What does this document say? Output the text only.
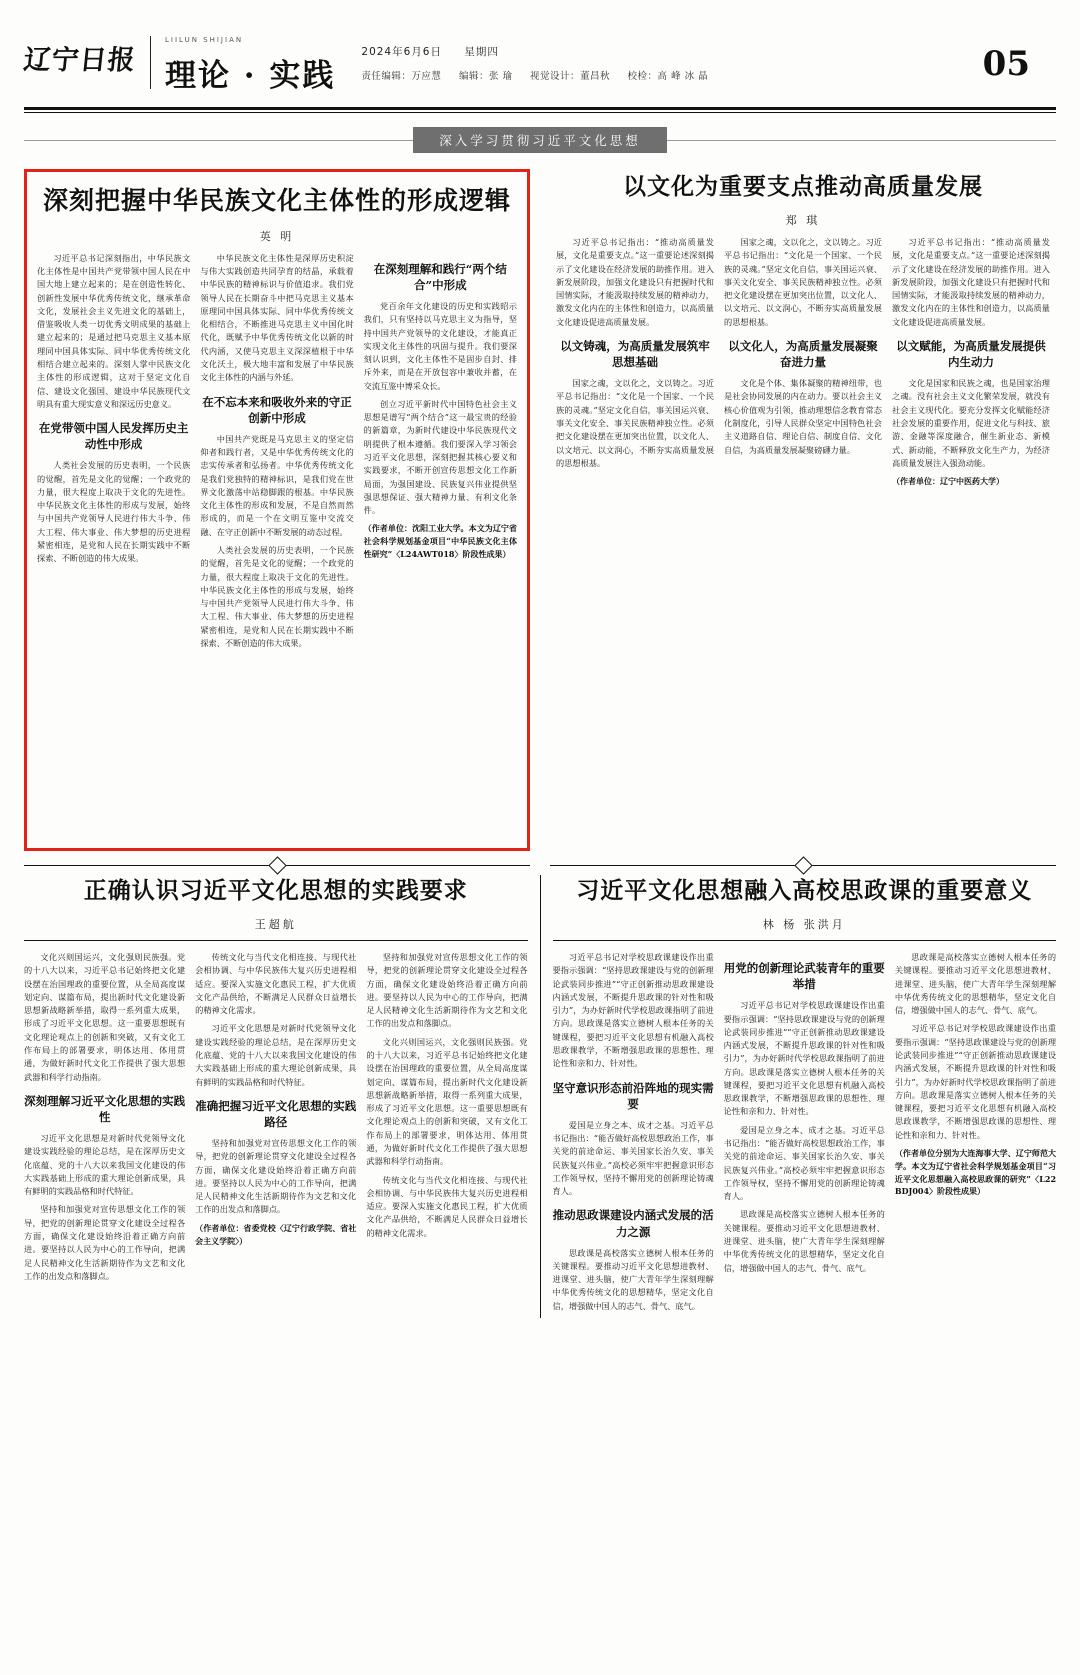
辽宁日报
LIILUN SHIJIAN
理论 · 实践
2024年6月6日 星期四
责任编辑：万应慧 编辑：张 瑜 视觉设计：董昌秋 校检：高 峰 冰 晶	05
深入学习贯彻习近平文化思想
深刻把握中华民族文化主体性的形成逻辑
英 明

习近平总书记深刻指出，中华民族文化主体性是中国共产党带领中国人民在中国大地上建立起来的；是在创造性转化、创新性发展中华优秀传统文化，继承革命文化，发展社会主义先进文化的基础上，借鉴吸收人类一切优秀文明成果的基础上建立起来的；是通过把马克思主义基本原理同中国具体实际、同中华优秀传统文化相结合建立起来的。深刻人掌中民族文化主体性的形成逻辑，这对于坚定文化自信、建设文化强国、建设中华民族现代文明具有重大现实意义和深远历史意义。

在党带领中国人民发挥历史主动性中形成

人类社会发展的历史表明，一个民族的觉醒，首先是文化的觉醒；一个政党的力量，很大程度上取决于文化的先进性。中华民族文化主体性的形成与发展，始终与中国共产党领导人民进行伟大斗争、伟大工程、伟大事业、伟大梦想的历史进程紧密相连，是党和人民在长期实践中不断探索、不断创造的伟大成果。

中华民族文化主体性是深厚历史积淀与伟大实践创造共同孕育的结晶，承载着中华民族的精神标识与价值追求。我们党领导人民在长期奋斗中把马克思主义基本原理同中国具体实际、同中华优秀传统文化相结合，不断推进马克思主义中国化时代化，既赋予中华优秀传统文化以新的时代内涵，又使马克思主义深深植根于中华文化沃土，极大地丰富和发展了中华民族文化主体性的内涵与外延。

在不忘本来和吸收外来的守正创新中形成

中国共产党既是马克思主义的坚定信仰者和践行者，又是中华优秀传统文化的忠实传承者和弘扬者。中华优秀传统文化是我们党独特的精神标识，是我们党在世界文化激荡中站稳脚跟的根基。中华民族文化主体性的形成和发展，不是自然而然形成的，而是一个在文明互鉴中交流交融、在守正创新中不断发展的动态过程。

人类社会发展的历史表明，一个民族的觉醒，首先是文化的觉醒；一个政党的力量，很大程度上取决于文化的先进性。中华民族文化主体性的形成与发展，始终与中国共产党领导人民进行伟大斗争、伟大工程、伟大事业、伟大梦想的历史进程紧密相连，是党和人民在长期实践中不断探索、不断创造的伟大成果。

在深刻理解和践行“两个结合”中形成

党百余年文化建设的历史和实践昭示我们，只有坚持以马克思主义为指导，坚持中国共产党领导的文化建设，才能真正实现文化主体性的巩固与提升。我们要深刻认识到，文化主体性不是固步自封、排斥外来，而是在开放包容中兼收并蓄，在交流互鉴中博采众长。

创立习近平新时代中国特色社会主义思想是谱写“两个结合”这一最宝贵的经验的新篇章，为新时代建设中华民族现代文明提供了根本遵循。我们要深入学习领会习近平文化思想，深刻把握其核心要义和实践要求，不断开创宣传思想文化工作新局面，为强国建设、民族复兴伟业提供坚强思想保证、强大精神力量、有利文化条件。

（作者单位：沈阳工业大学。本文为辽宁省社会科学规划基金项目“中华民族文化主体性研究”〈L24AWT018〉阶段性成果）
以文化为重要支点推动高质量发展
郑 琪

习近平总书记指出：“推动高质量发展，文化是重要支点。”这一重要论述深刻揭示了文化建设在经济发展的助推作用。进入新发展阶段，加强文化建设只有把握时代和国情实际，才能汲取持续发展的精神动力，激发文化内在的主体性和创造力，以高质量文化建设促进高质量发展。

以文铸魂，为高质量发展筑牢思想基础

国家之魂，文以化之，文以铸之。习近平总书记指出：“文化是一个国家、一个民族的灵魂。”坚定文化自信，事关国运兴衰、事关文化安全、事关民族精神独立性。必须把文化建设摆在更加突出位置，以文化人、以文培元、以文润心，不断夯实高质量发展的思想根基。

国家之魂，文以化之，文以铸之。习近平总书记指出：“文化是一个国家、一个民族的灵魂。”坚定文化自信，事关国运兴衰、事关文化安全、事关民族精神独立性。必须把文化建设摆在更加突出位置，以文化人、以文培元、以文润心，不断夯实高质量发展的思想根基。

以文化人，为高质量发展凝聚奋进力量

文化是个体、集体凝聚的精神纽带，也是社会协同发展的内在动力。要以社会主义核心价值观为引领，推动理想信念教育常态化制度化，引导人民群众坚定中国特色社会主义道路自信、理论自信、制度自信、文化自信，为高质量发展凝聚磅礴力量。

习近平总书记指出：“推动高质量发展，文化是重要支点。”这一重要论述深刻揭示了文化建设在经济发展的助推作用。进入新发展阶段，加强文化建设只有把握时代和国情实际，才能汲取持续发展的精神动力，激发文化内在的主体性和创造力，以高质量文化建设促进高质量发展。

以文赋能，为高质量发展提供内生动力

文化是国家和民族之魂，也是国家治理之魂。没有社会主义文化繁荣发展，就没有社会主义现代化。要充分发挥文化赋能经济社会发展的重要作用，促进文化与科技、旅游、金融等深度融合，催生新业态、新模式、新动能，不断释放文化生产力，为经济高质量发展注入强劲动能。

（作者单位：辽宁中医药大学）
正确认识习近平文化思想的实践要求
王超航

文化兴则国运兴，文化强则民族强。党的十八大以来，习近平总书记始终把文化建设摆在治国理政的重要位置，从全局高度谋划定向、谋篇布局，提出新时代文化建设新思想新战略新举措，取得一系列重大成果，形成了习近平文化思想。这一重要思想既有文化理论观点上的创新和突破，又有文化工作布局上的部署要求，明体达用、体用贯通，为做好新时代文化工作提供了强大思想武器和科学行动指南。

深刻理解习近平文化思想的实践性

习近平文化思想是对新时代党领导文化建设实践经验的理论总结，是在深厚历史文化底蕴、党的十八大以来我国文化建设的伟大实践基础上形成的重大理论创新成果，具有鲜明的实践品格和时代特征。

坚持和加强党对宣传思想文化工作的领导，把党的创新理论贯穿文化建设全过程各方面，确保文化建设始终沿着正确方向前进。要坚持以人民为中心的工作导向，把满足人民精神文化生活新期待作为文艺和文化工作的出发点和落脚点。

传统文化与当代文化相连接、与现代社会相协调、与中华民族伟大复兴历史进程相适应。要深入实施文化惠民工程，扩大优质文化产品供给，不断满足人民群众日益增长的精神文化需求。

习近平文化思想是对新时代党领导文化建设实践经验的理论总结，是在深厚历史文化底蕴、党的十八大以来我国文化建设的伟大实践基础上形成的重大理论创新成果，具有鲜明的实践品格和时代特征。

准确把握习近平文化思想的实践路径

坚持和加强党对宣传思想文化工作的领导，把党的创新理论贯穿文化建设全过程各方面，确保文化建设始终沿着正确方向前进。要坚持以人民为中心的工作导向，把满足人民精神文化生活新期待作为文艺和文化工作的出发点和落脚点。

（作者单位：省委党校〈辽宁行政学院、省社会主义学院〉）

坚持和加强党对宣传思想文化工作的领导，把党的创新理论贯穿文化建设全过程各方面，确保文化建设始终沿着正确方向前进。要坚持以人民为中心的工作导向，把满足人民精神文化生活新期待作为文艺和文化工作的出发点和落脚点。

文化兴则国运兴，文化强则民族强。党的十八大以来，习近平总书记始终把文化建设摆在治国理政的重要位置，从全局高度谋划定向、谋篇布局，提出新时代文化建设新思想新战略新举措，取得一系列重大成果，形成了习近平文化思想。这一重要思想既有文化理论观点上的创新和突破，又有文化工作布局上的部署要求，明体达用、体用贯通，为做好新时代文化工作提供了强大思想武器和科学行动指南。

传统文化与当代文化相连接、与现代社会相协调、与中华民族伟大复兴历史进程相适应。要深入实施文化惠民工程，扩大优质文化产品供给，不断满足人民群众日益增长的精神文化需求。

习近平文化思想融入高校思政课的重要意义
林 杨 张洪月

习近平总书记对学校思政课建设作出重要指示强调：“坚持思政课建设与党的创新理论武装同步推进”“守正创新推动思政课建设内涵式发展，不断提升思政课的针对性和吸引力”，为办好新时代学校思政课指明了前进方向。思政课是落实立德树人根本任务的关键课程，要把习近平文化思想有机融入高校思政课教学，不断增强思政课的思想性、理论性和亲和力、针对性。

坚守意识形态前沿阵地的现实需要

爱国是立身之本、成才之基。习近平总书记指出：“能否做好高校思想政治工作，事关党的前途命运、事关国家长治久安、事关民族复兴伟业。”高校必须牢牢把握意识形态工作领导权，坚持不懈用党的创新理论铸魂育人。

推动思政课建设内涵式发展的活力之源

思政课是高校落实立德树人根本任务的关键课程。要推动习近平文化思想进教材、进课堂、进头脑，使广大青年学生深刻理解中华优秀传统文化的思想精华，坚定文化自信，增强做中国人的志气、骨气、底气。

用党的创新理论武装青年的重要举措

习近平总书记对学校思政课建设作出重要指示强调：“坚持思政课建设与党的创新理论武装同步推进”“守正创新推动思政课建设内涵式发展，不断提升思政课的针对性和吸引力”，为办好新时代学校思政课指明了前进方向。思政课是落实立德树人根本任务的关键课程，要把习近平文化思想有机融入高校思政课教学，不断增强思政课的思想性、理论性和亲和力、针对性。

爱国是立身之本、成才之基。习近平总书记指出：“能否做好高校思想政治工作，事关党的前途命运、事关国家长治久安、事关民族复兴伟业。”高校必须牢牢把握意识形态工作领导权，坚持不懈用党的创新理论铸魂育人。

思政课是高校落实立德树人根本任务的关键课程。要推动习近平文化思想进教材、进课堂、进头脑，使广大青年学生深刻理解中华优秀传统文化的思想精华，坚定文化自信，增强做中国人的志气、骨气、底气。

思政课是高校落实立德树人根本任务的关键课程。要推动习近平文化思想进教材、进课堂、进头脑，使广大青年学生深刻理解中华优秀传统文化的思想精华，坚定文化自信，增强做中国人的志气、骨气、底气。

习近平总书记对学校思政课建设作出重要指示强调：“坚持思政课建设与党的创新理论武装同步推进”“守正创新推动思政课建设内涵式发展，不断提升思政课的针对性和吸引力”，为办好新时代学校思政课指明了前进方向。思政课是落实立德树人根本任务的关键课程，要把习近平文化思想有机融入高校思政课教学，不断增强思政课的思想性、理论性和亲和力、针对性。

（作者单位分别为大连海事大学、辽宁师范大学。本文为辽宁省社会科学规划基金项目“习近平文化思想融入高校思政课的研究”〈L22BDJ004〉阶段性成果）
